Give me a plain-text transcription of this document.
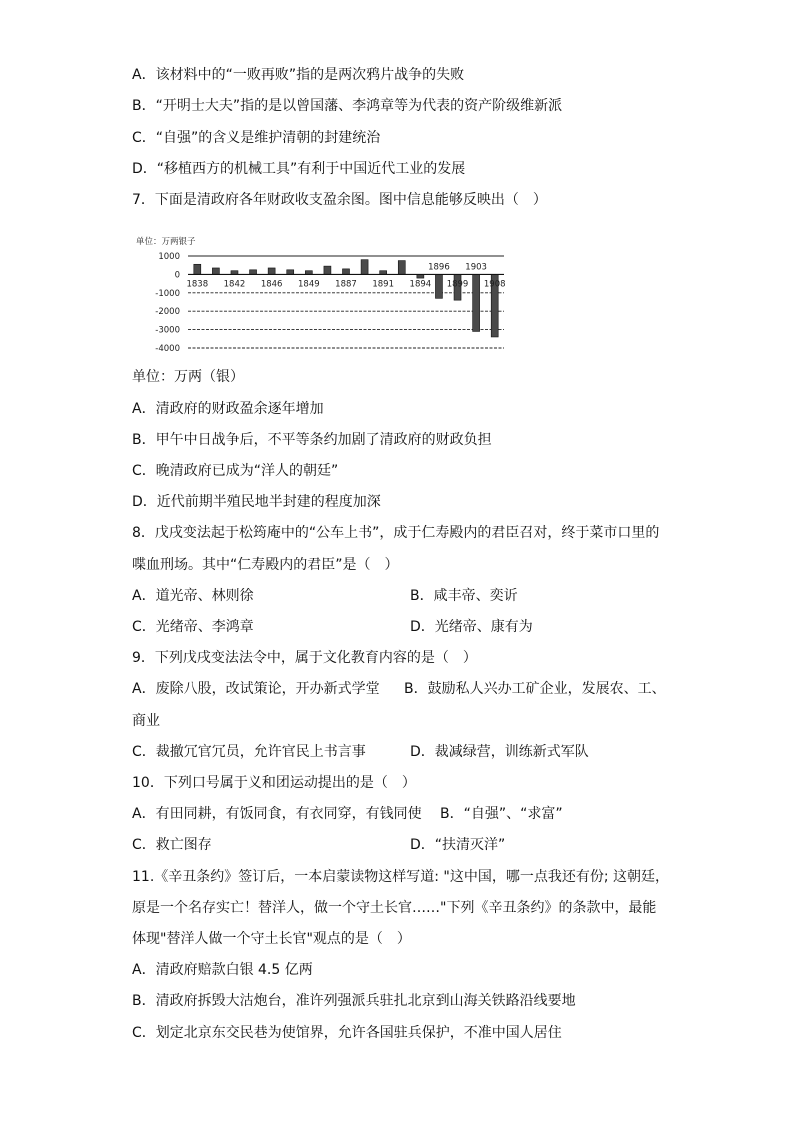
A．该材料中的“一败再败”指的是两次鸦片战争的失败
B．“开明士大夫”指的是以曾国藩、李鸿章等为代表的资产阶级维新派
C．“自强”的含义是维护清朝的封建统治
D．“移植西方的机械工具”有利于中国近代工业的发展
7．下面是清政府各年财政收支盈余图。图中信息能够反映出（　）
单位：万两银子
1000
0
-1000
-2000
-3000
-4000
1838 1842 1846 1849 1887 1891 1894 1899 1908
1896 1903
单位：万两（银）
A．清政府的财政盈余逐年增加
B．甲午中日战争后，不平等条约加剧了清政府的财政负担
C．晚清政府已成为“洋人的朝廷”
D．近代前期半殖民地半封建的程度加深
8．戊戌变法起于松筠庵中的“公车上书”，成于仁寿殿内的君臣召对，终于菜市口里的
喋血刑场。其中“仁寿殿内的君臣”是（　）
A．道光帝、林则徐	B．咸丰帝、奕䜣
C．光绪帝、李鸿章	D．光绪帝、康有为
9．下列戊戌变法法令中，属于文化教育内容的是（　）
A．废除八股，改试策论，开办新式学堂 B．鼓励私人兴办工矿企业，发展农、工、
商业
C．裁撤冗官冗员，允许官民上书言事	D．裁减绿营，训练新式军队
10．下列口号属于义和团运动提出的是（　）
A．有田同耕，有饭同食，有衣同穿，有钱同使 B．“自强”、“求富”
C．救亡图存	D．“扶清灭洋”
11.《辛丑条约》签订后，一本启蒙读物这样写道: "这中国，哪一点我还有份; 这朝廷，
原是一个名存实亡！替洋人，做一个守土长官……"下列《辛丑条约》的条款中，最能
体现"替洋人做一个守土长官"观点的是（　）
A．清政府赔款白银 4.5 亿两
B．清政府拆毁大沽炮台，准许列强派兵驻扎北京到山海关铁路沿线要地
C．划定北京东交民巷为使馆界，允许各国驻兵保护，不准中国人居住
